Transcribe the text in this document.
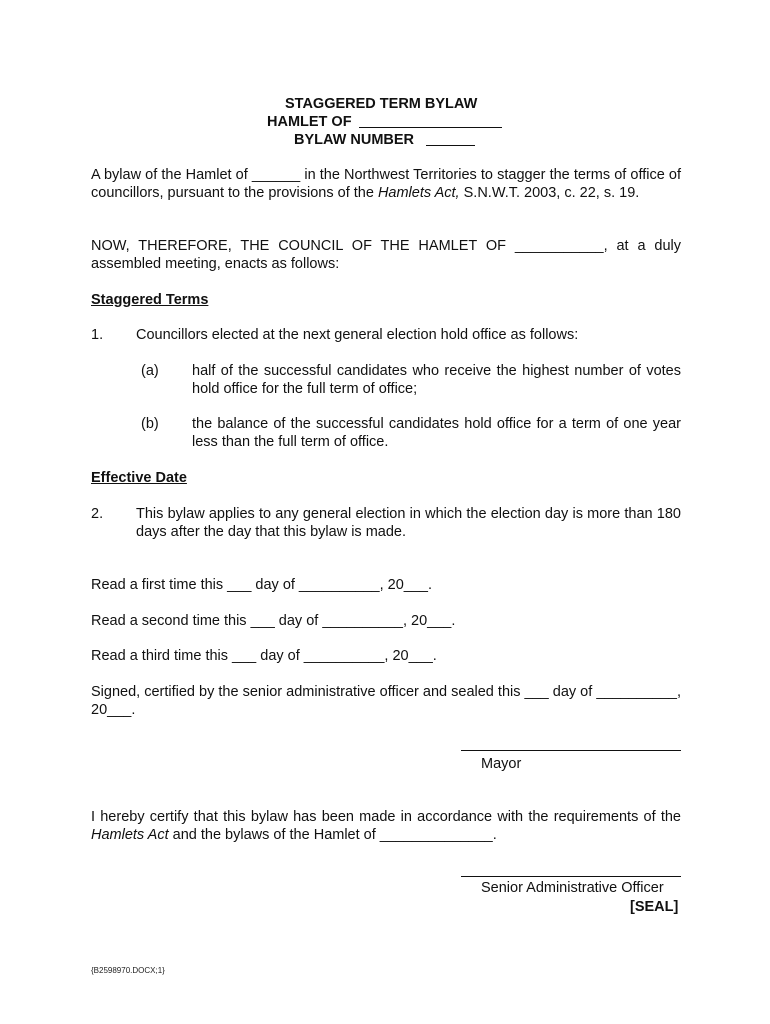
STAGGERED TERM BYLAW
HAMLET OF
BYLAW NUMBER
A bylaw of the Hamlet of ______ in the Northwest Territories to stagger the terms of office of councillors, pursuant to the provisions of the Hamlets Act, S.N.W.T. 2003, c. 22, s. 19.
NOW, THEREFORE, THE COUNCIL OF THE HAMLET OF ___________, at a duly assembled meeting, enacts as follows:
Staggered Terms
1. Councillors elected at the next general election hold office as follows:
(a) half of the successful candidates who receive the highest number of votes hold office for the full term of office;
(b) the balance of the successful candidates hold office for a term of one year less than the full term of office.
Effective Date
2. This bylaw applies to any general election in which the election day is more than 180 days after the day that this bylaw is made.
Read a first time this ___ day of __________, 20___.
Read a second time this ___ day of __________, 20___.
Read a third time this ___ day of __________, 20___.
Signed, certified by the senior administrative officer and sealed this ___ day of __________, 20___.
Mayor
I hereby certify that this bylaw has been made in accordance with the requirements of the Hamlets Act and the bylaws of the Hamlet of ______________.
Senior Administrative Officer
[SEAL]
{B2598970.DOCX;1}
